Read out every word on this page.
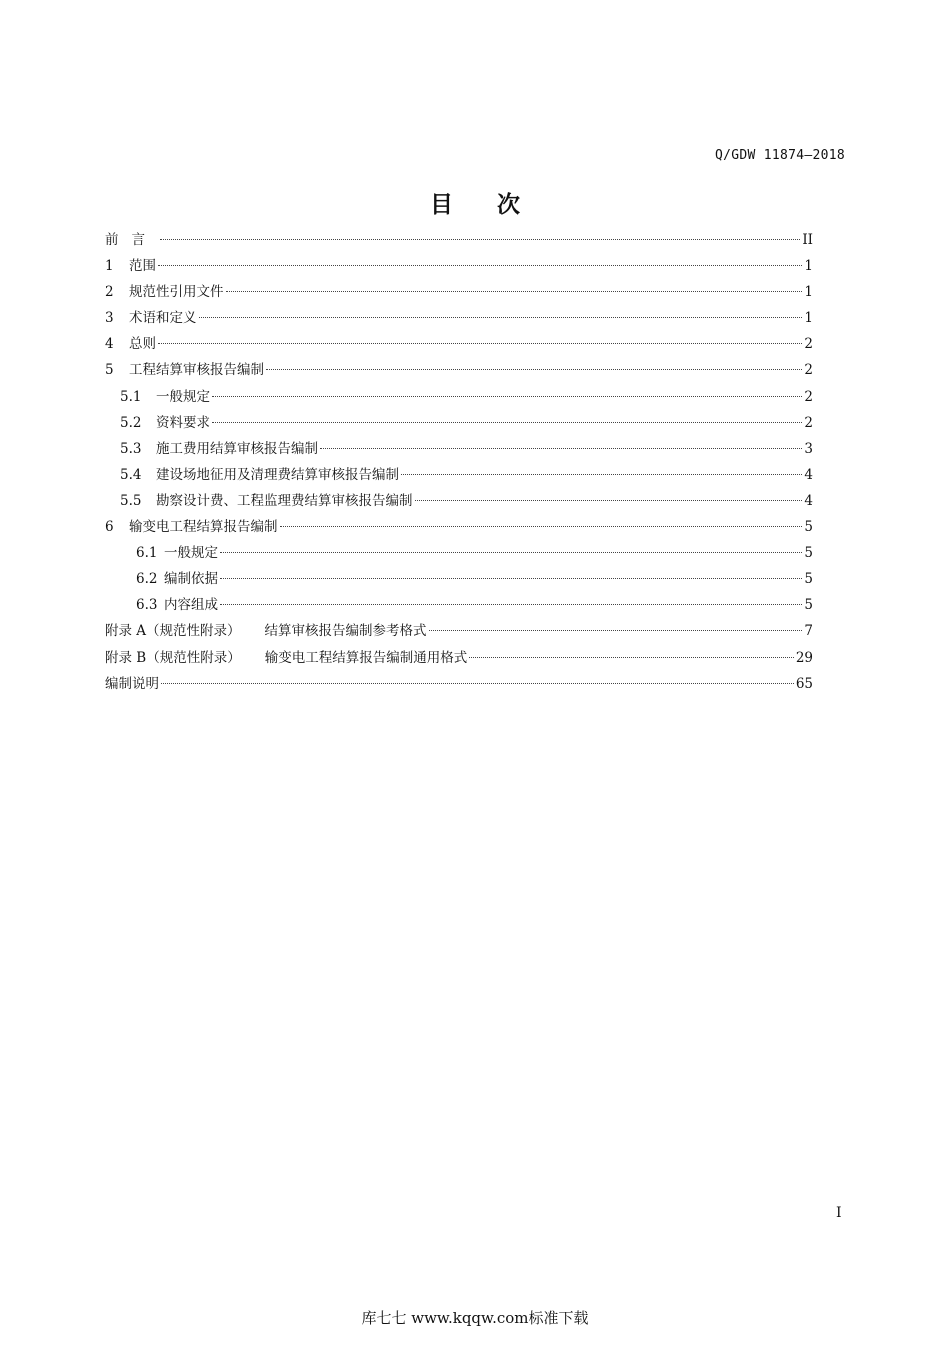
Q/GDW 11874—2018
目 次
前言	II
1	范围	1
2	规范性引用文件	1
3	术语和定义	1
4	总则	2
5	工程结算审核报告编制	2
5.1	一般规定	2
5.2	资料要求	2
5.3	施工费用结算审核报告编制	3
5.4	建设场地征用及清理费结算审核报告编制	4
5.5	勘察设计费、工程监理费结算审核报告编制	4
6	输变电工程结算报告编制	5
6.1 一般规定	5
6.2 编制依据	5
6.3 内容组成	5
附录 A（规范性附录）	结算审核报告编制参考格式	7
附录 B（规范性附录）	输变电工程结算报告编制通用格式	29
编制说明	65
I
库七七 www.kqqw.com标准下载
